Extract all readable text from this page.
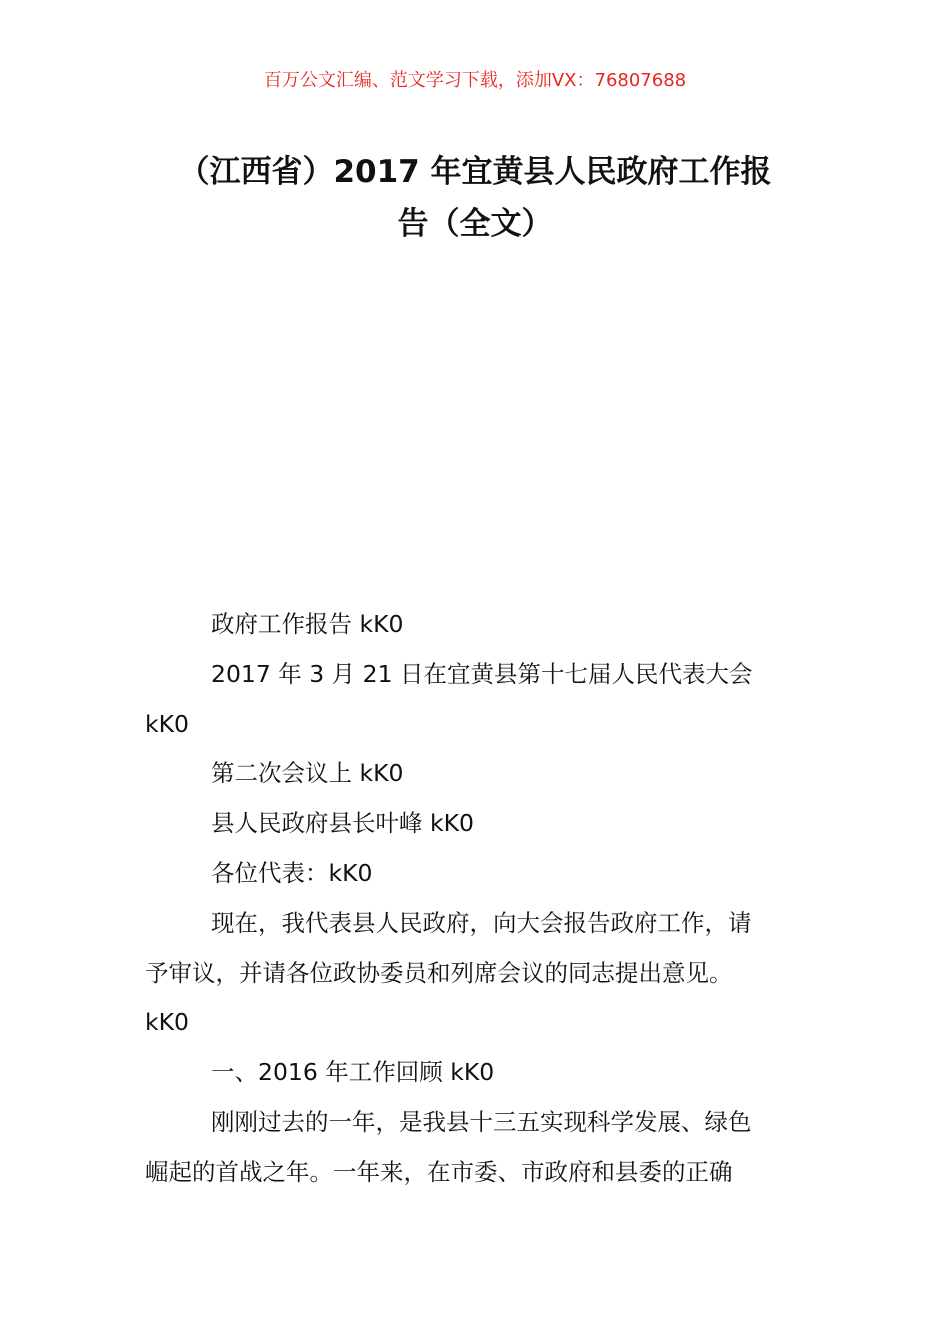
百万公文汇编、范文学习下载，添加VX：76807688
（江西省）2017 年宜黄县人民政府工作报
告（全文）

政府工作报告 kK0

2017 年 3 月 21 日在宜黄县第十七届人民代表大会

kK0

第二次会议上 kK0

县人民政府县长叶峰 kK0

各位代表：kK0

现在，我代表县人民政府，向大会报告政府工作，请

予审议，并请各位政协委员和列席会议的同志提出意见。

kK0

一、2016 年工作回顾 kK0

刚刚过去的一年，是我县十三五实现科学发展、绿色

崛起的首战之年。一年来，在市委、市政府和县委的正确
